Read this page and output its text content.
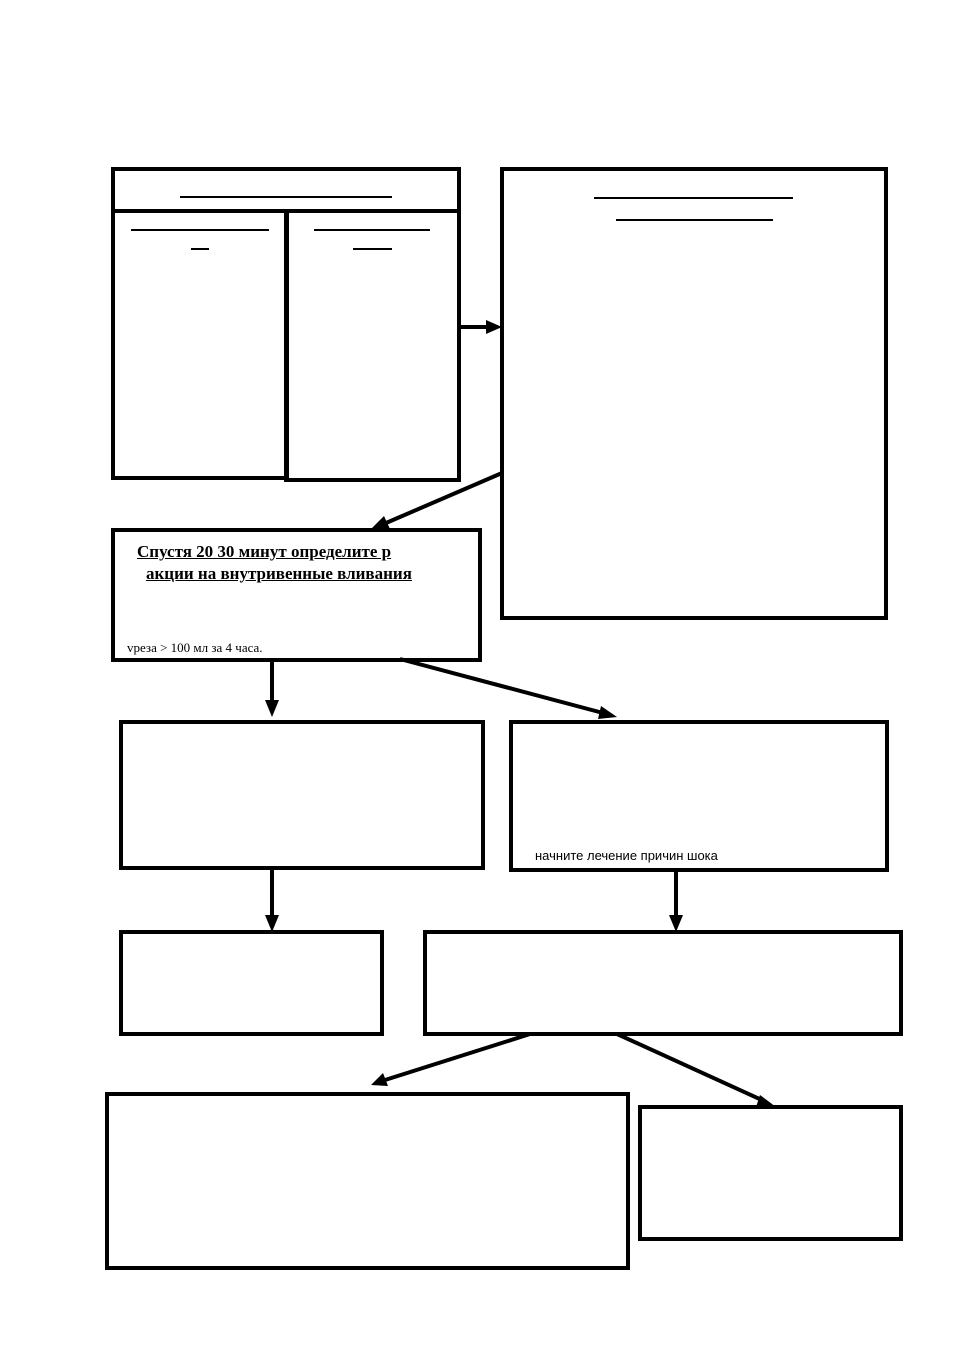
Спустя 20 30 минут определите р
акции на внутривенные вливания
vpеза > 100 мл за 4 часа.
начните лечение причин шока
